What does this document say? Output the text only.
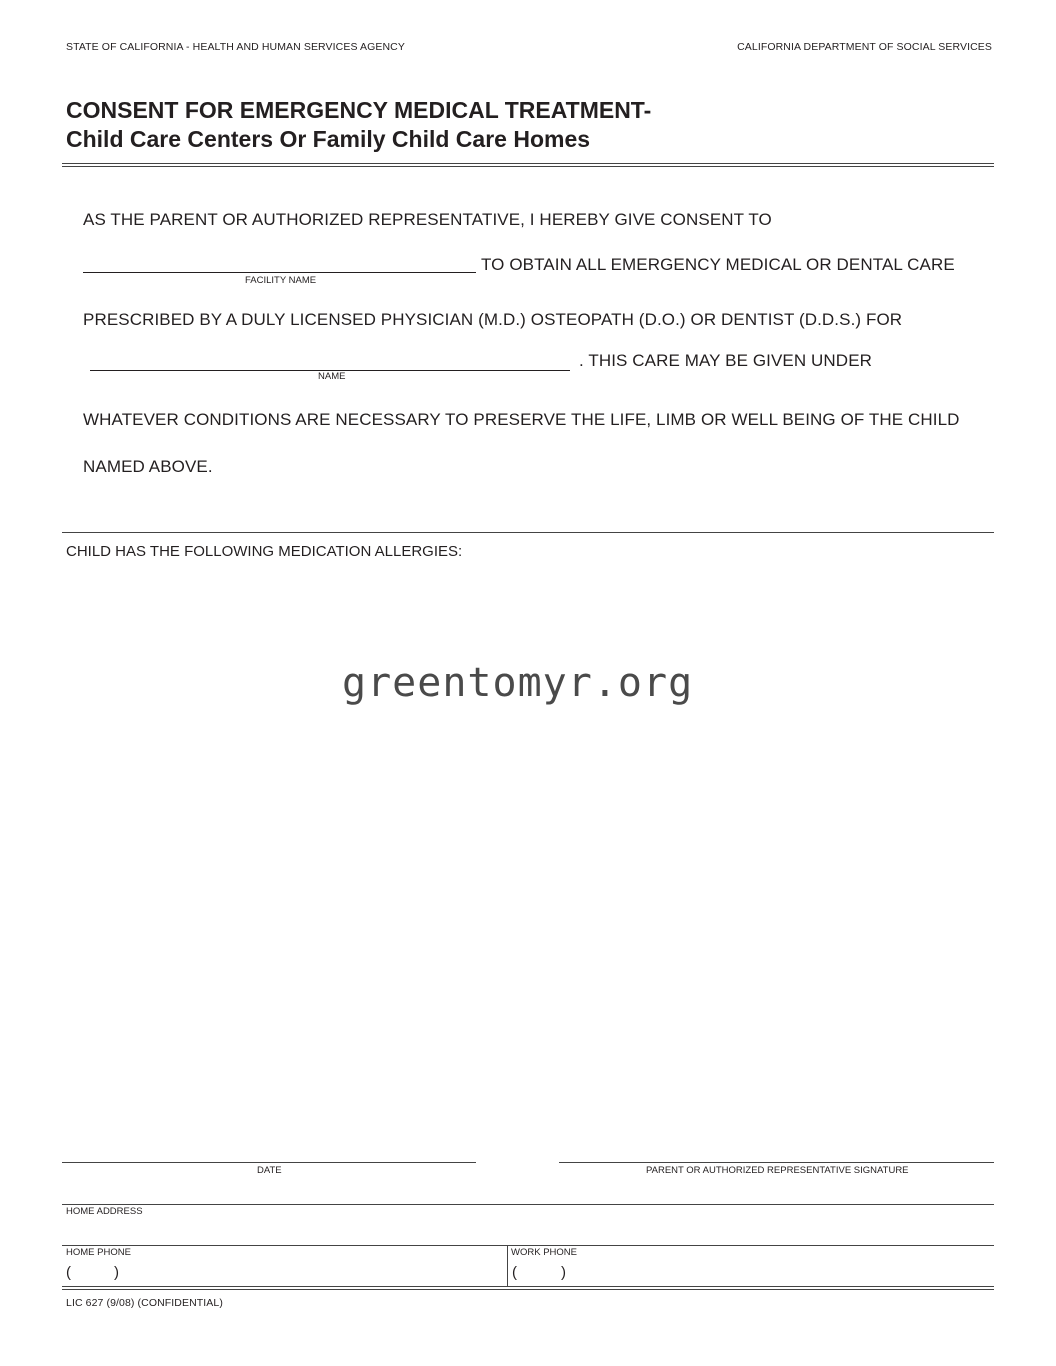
STATE OF CALIFORNIA - HEALTH AND HUMAN SERVICES AGENCY	CALIFORNIA DEPARTMENT OF SOCIAL SERVICES
CONSENT FOR EMERGENCY MEDICAL TREATMENT-
Child Care Centers Or Family Child Care Homes
AS THE PARENT OR AUTHORIZED REPRESENTATIVE, I HEREBY GIVE CONSENT TO
TO OBTAIN ALL EMERGENCY MEDICAL OR DENTAL CARE
FACILITY NAME
PRESCRIBED BY A DULY LICENSED PHYSICIAN (M.D.) OSTEOPATH (D.O.) OR DENTIST (D.D.S.) FOR
. THIS CARE MAY BE GIVEN UNDER
NAME
WHATEVER CONDITIONS ARE NECESSARY TO PRESERVE THE LIFE, LIMB OR WELL BEING OF THE CHILD
NAMED ABOVE.
CHILD HAS THE FOLLOWING MEDICATION ALLERGIES:
greentomyr.org
DATE	PARENT OR AUTHORIZED REPRESENTATIVE SIGNATURE
HOME ADDRESS
HOME PHONE	WORK PHONE
(	)	(	)
LIC 627 (9/08) (CONFIDENTIAL)
